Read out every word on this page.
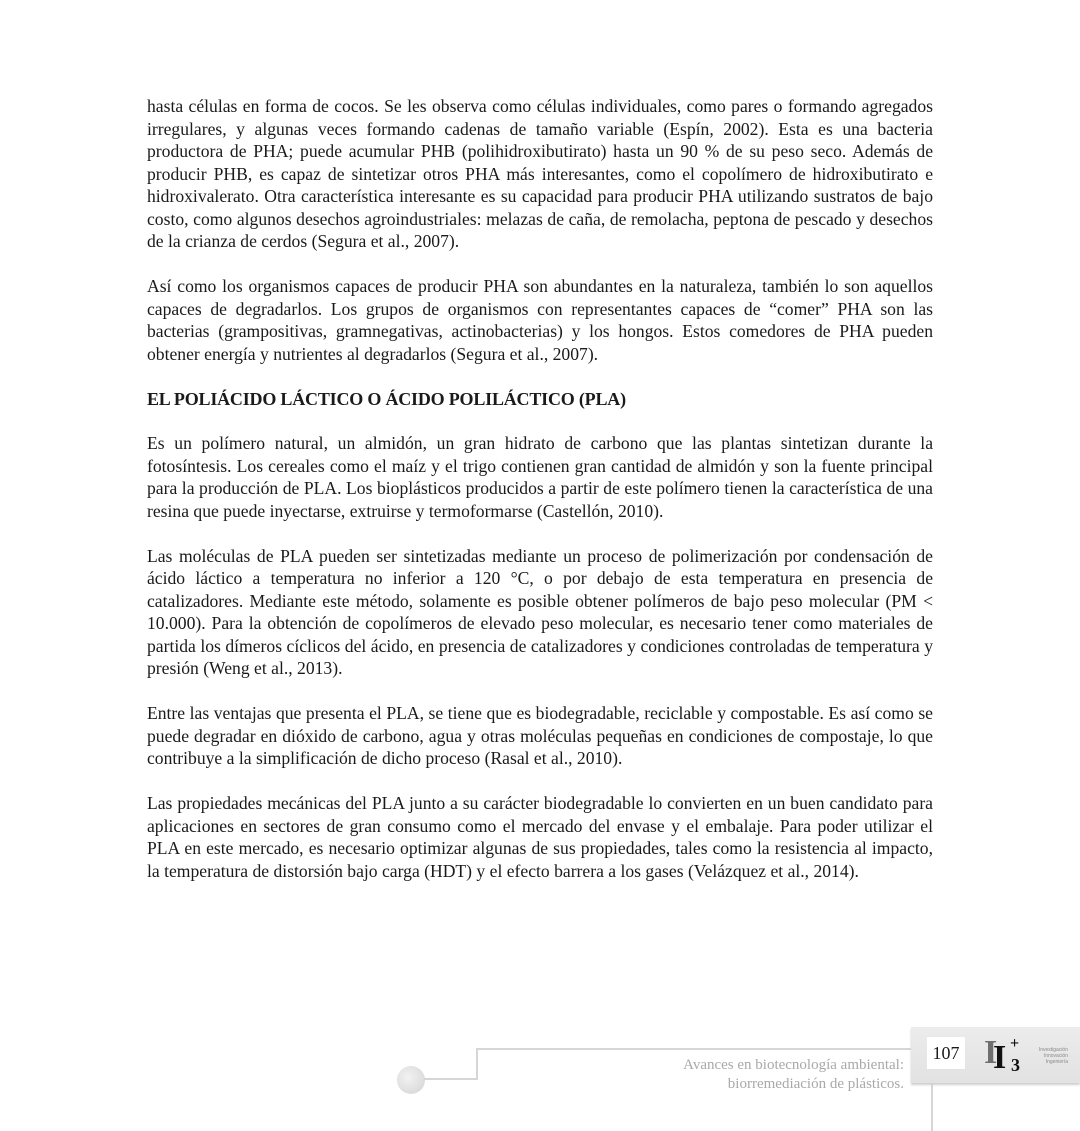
hasta células en forma de cocos. Se les observa como células individuales, como pares o formando agregados irregulares, y algunas veces formando cadenas de tamaño variable (Espín, 2002). Esta es una bacteria productora de PHA; puede acumular PHB (polihidroxibutirato) hasta un 90 % de su peso seco. Además de producir PHB, es capaz de sintetizar otros PHA más interesantes, como el copolímero de hidroxibutirato e hidroxivalerato. Otra característica interesante es su capacidad para producir PHA utilizando sustratos de bajo costo, como algunos desechos agroindustriales: melazas de caña, de remolacha, peptona de pescado y desechos de la crianza de cerdos (Segura et al., 2007).

Así como los organismos capaces de producir PHA son abundantes en la naturaleza, también lo son aquellos capaces de degradarlos. Los grupos de organismos con representantes capaces de “comer” PHA son las bacterias (grampositivas, gramnegativas, actinobacterias) y los hongos. Estos comedores de PHA pueden obtener energía y nutrientes al degradarlos (Segura et al., 2007).

EL POLIÁCIDO LÁCTICO O ÁCIDO POLILÁCTICO (PLA)

Es un polímero natural, un almidón, un gran hidrato de carbono que las plantas sintetizan durante la fotosíntesis. Los cereales como el maíz y el trigo contienen gran cantidad de almidón y son la fuente principal para la producción de PLA. Los bioplásticos producidos a partir de este polímero tienen la característica de una resina que puede inyectarse, extruirse y termoformarse (Castellón, 2010).

Las moléculas de PLA pueden ser sintetizadas mediante un proceso de polimerización por condensación de ácido láctico a temperatura no inferior a 120 °C, o por debajo de esta temperatura en presencia de catalizadores. Mediante este método, solamente es posible obtener polímeros de bajo peso molecular (PM < 10.000). Para la obtención de copolímeros de elevado peso molecular, es necesario tener como materiales de partida los dímeros cíclicos del ácido, en presencia de catalizadores y condiciones controladas de temperatura y presión (Weng et al., 2013).

Entre las ventajas que presenta el PLA, se tiene que es biodegradable, reciclable y compostable. Es así como se puede degradar en dióxido de carbono, agua y otras moléculas pequeñas en condiciones de compostaje, lo que contribuye a la simplificación de dicho proceso (Rasal et al., 2010).

Las propiedades mecánicas del PLA junto a su carácter biodegradable lo convierten en un buen candidato para aplicaciones en sectores de gran consumo como el mercado del envase y el embalaje. Para poder utilizar el PLA en este mercado, es necesario optimizar algunas de sus propiedades, tales como la resistencia al impacto, la temperatura de distorsión bajo carga (HDT) y el efecto barrera a los gases (Velázquez et al., 2014).

Avances en biotecnología ambiental:
biorremediación de plásticos.
107 I
I +
3
Investigación
Innovación
Ingeniería
